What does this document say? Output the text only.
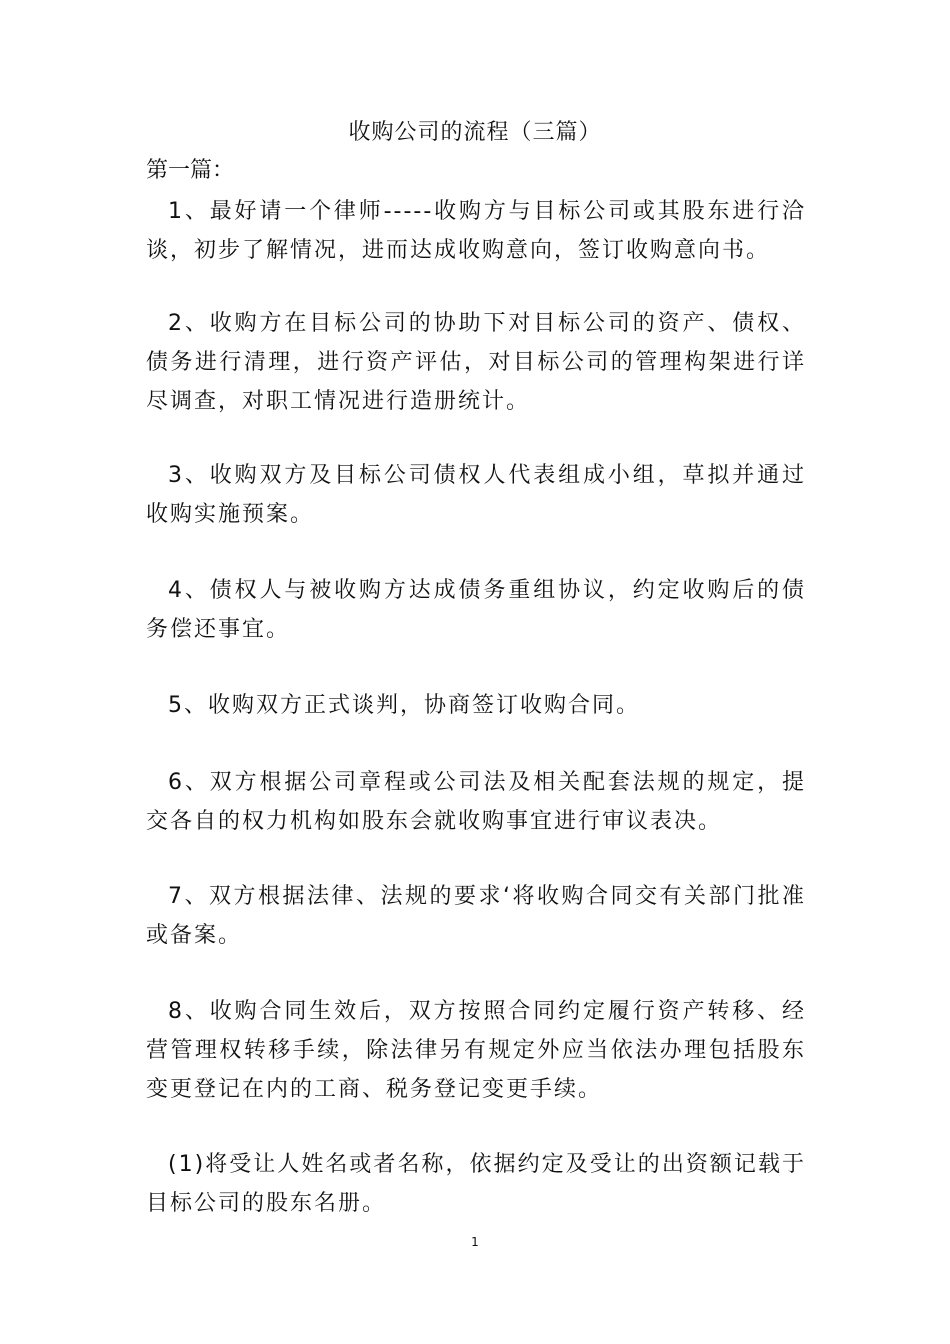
收购公司的流程（三篇）
第一篇：

1、最好请一个律师-----收购方与目标公司或其股东进行洽谈，初步了解情况，进而达成收购意向，签订收购意向书。

2、收购方在目标公司的协助下对目标公司的资产、债权、债务进行清理，进行资产评估，对目标公司的管理构架进行详尽调查，对职工情况进行造册统计。

3、收购双方及目标公司债权人代表组成小组，草拟并通过收购实施预案。

4、债权人与被收购方达成债务重组协议，约定收购后的债务偿还事宜。

5、收购双方正式谈判，协商签订收购合同。

6、双方根据公司章程或公司法及相关配套法规的规定，提交各自的权力机构如股东会就收购事宜进行审议表决。

7、双方根据法律、法规的要求‘将收购合同交有关部门批准或备案。

8、收购合同生效后，双方按照合同约定履行资产转移、经营管理权转移手续，除法律另有规定外应当依法办理包括股东变更登记在内的工商、税务登记变更手续。

(1)将受让人姓名或者名称，依据约定及受让的出资额记载于目标公司的股东名册。

1
